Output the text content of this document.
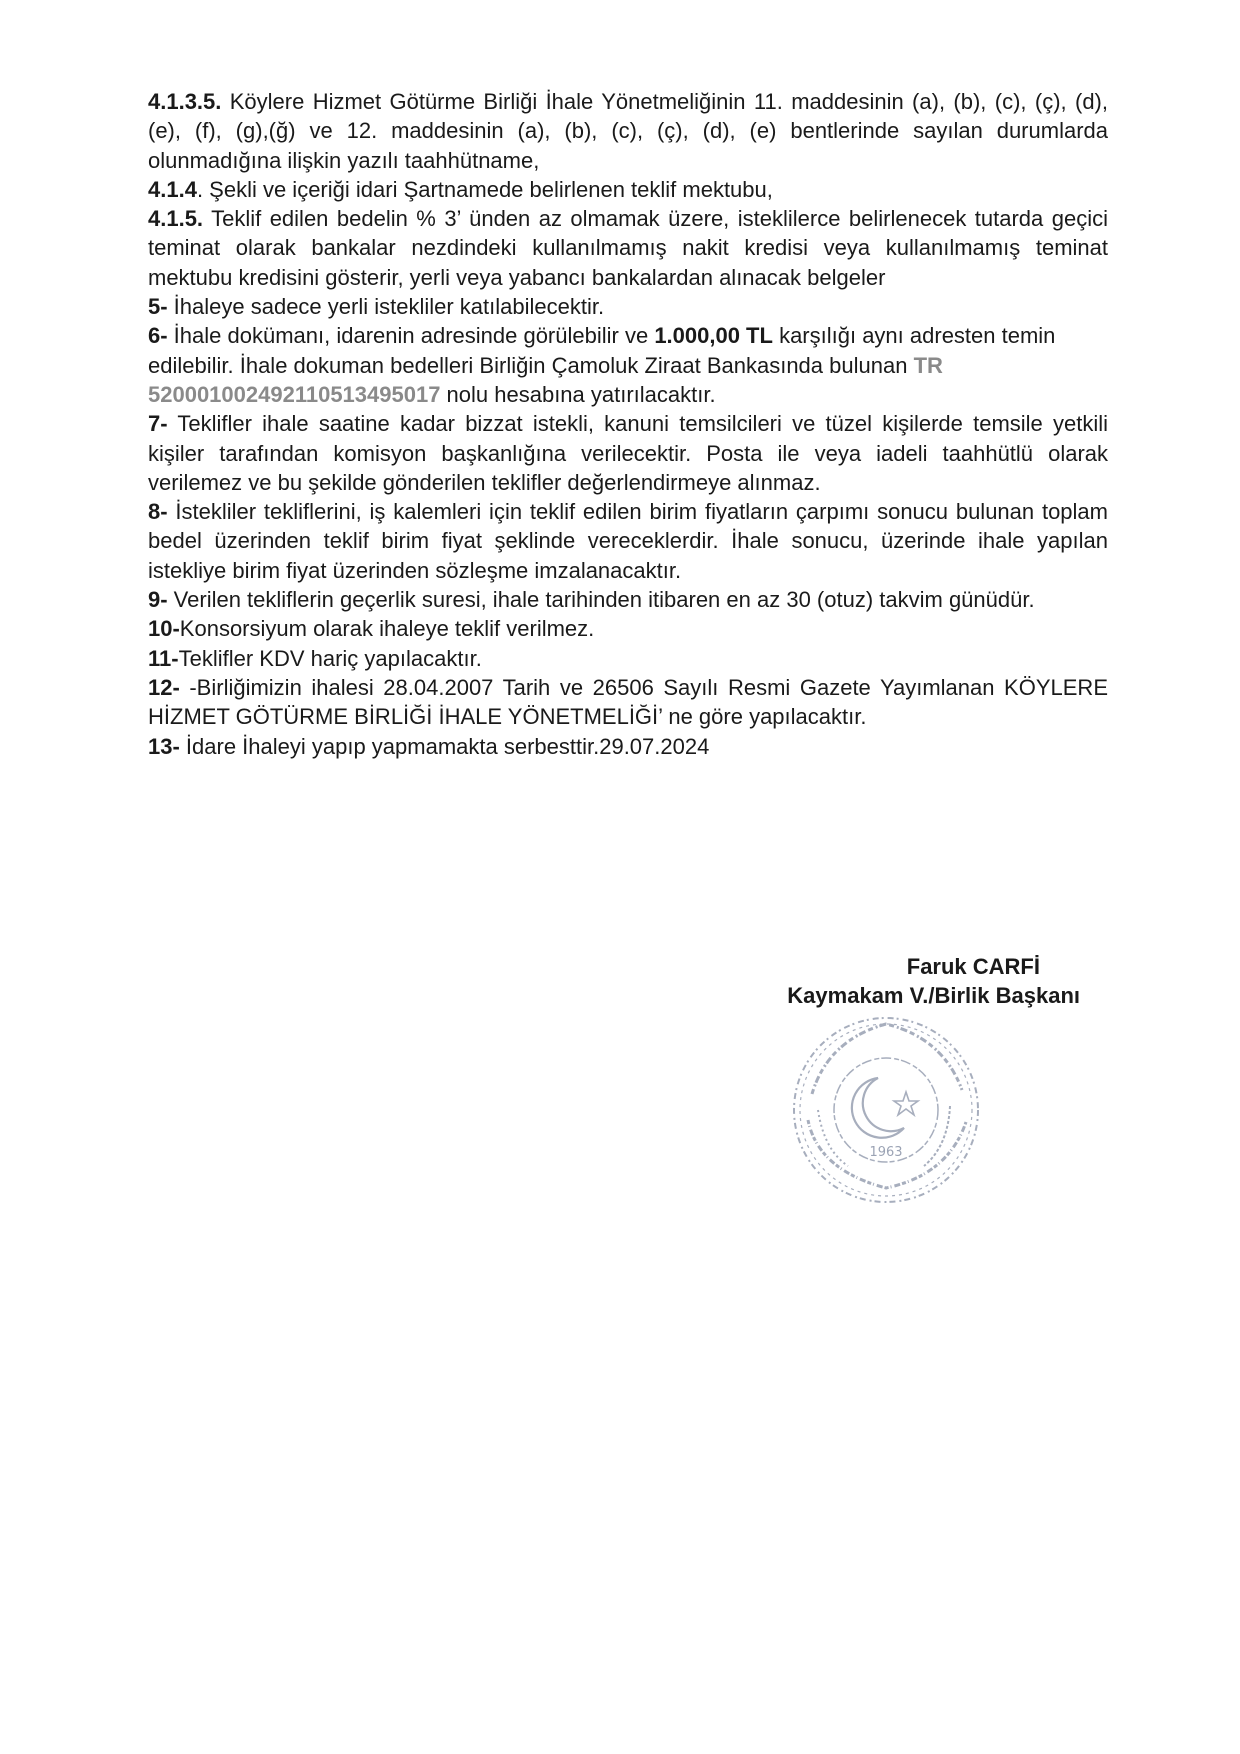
4.1.3.5. Köylere Hizmet Götürme Birliği İhale Yönetmeliğinin 11. maddesinin (a), (b), (c), (ç), (d), (e), (f), (g),(ğ) ve 12. maddesinin (a), (b), (c), (ç), (d), (e) bentlerinde sayılan durumlarda olunmadığına ilişkin yazılı taahhütname,

4.1.4. Şekli ve içeriği idari Şartnamede belirlenen teklif mektubu,

4.1.5. Teklif edilen bedelin % 3’ ünden az olmamak üzere, isteklilerce belirlenecek tutarda geçici teminat olarak bankalar nezdindeki kullanılmamış nakit kredisi veya kullanılmamış teminat mektubu kredisini gösterir, yerli veya yabancı bankalardan alınacak belgeler

5- İhaleye sadece yerli istekliler katılabilecektir.

6- İhale dokümanı, idarenin adresinde görülebilir ve 1.000,00 TL karşılığı aynı adresten temin edilebilir. İhale dokuman bedelleri Birliğin Çamoluk Ziraat Bankasında bulunan TR 520001002492110513495017 nolu hesabına yatırılacaktır.

7- Teklifler ihale saatine kadar bizzat istekli, kanuni temsilcileri ve tüzel kişilerde temsile yetkili kişiler tarafından komisyon başkanlığına verilecektir. Posta ile veya iadeli taahhütlü olarak verilemez ve bu şekilde gönderilen teklifler değerlendirmeye alınmaz.

8- İstekliler tekliflerini, iş kalemleri için teklif edilen birim fiyatların çarpımı sonucu bulunan toplam bedel üzerinden teklif birim fiyat şeklinde vereceklerdir. İhale sonucu, üzerinde ihale yapılan istekliye birim fiyat üzerinden sözleşme imzalanacaktır.

9- Verilen tekliflerin geçerlik suresi, ihale tarihinden itibaren en az 30 (otuz) takvim günüdür.

10-Konsorsiyum olarak ihaleye teklif verilmez.

11-Teklifler KDV hariç yapılacaktır.

12- -Birliğimizin ihalesi 28.04.2007 Tarih ve 26506 Sayılı Resmi Gazete Yayımlanan KÖYLERE HİZMET GÖTÜRME BİRLİĞİ İHALE YÖNETMELİĞİ’ ne göre yapılacaktır.

13- İdare İhaleyi yapıp yapmamakta serbesttir.29.07.2024

Faruk CARFİ
Kaymakam V./Birlik Başkanı
1963
